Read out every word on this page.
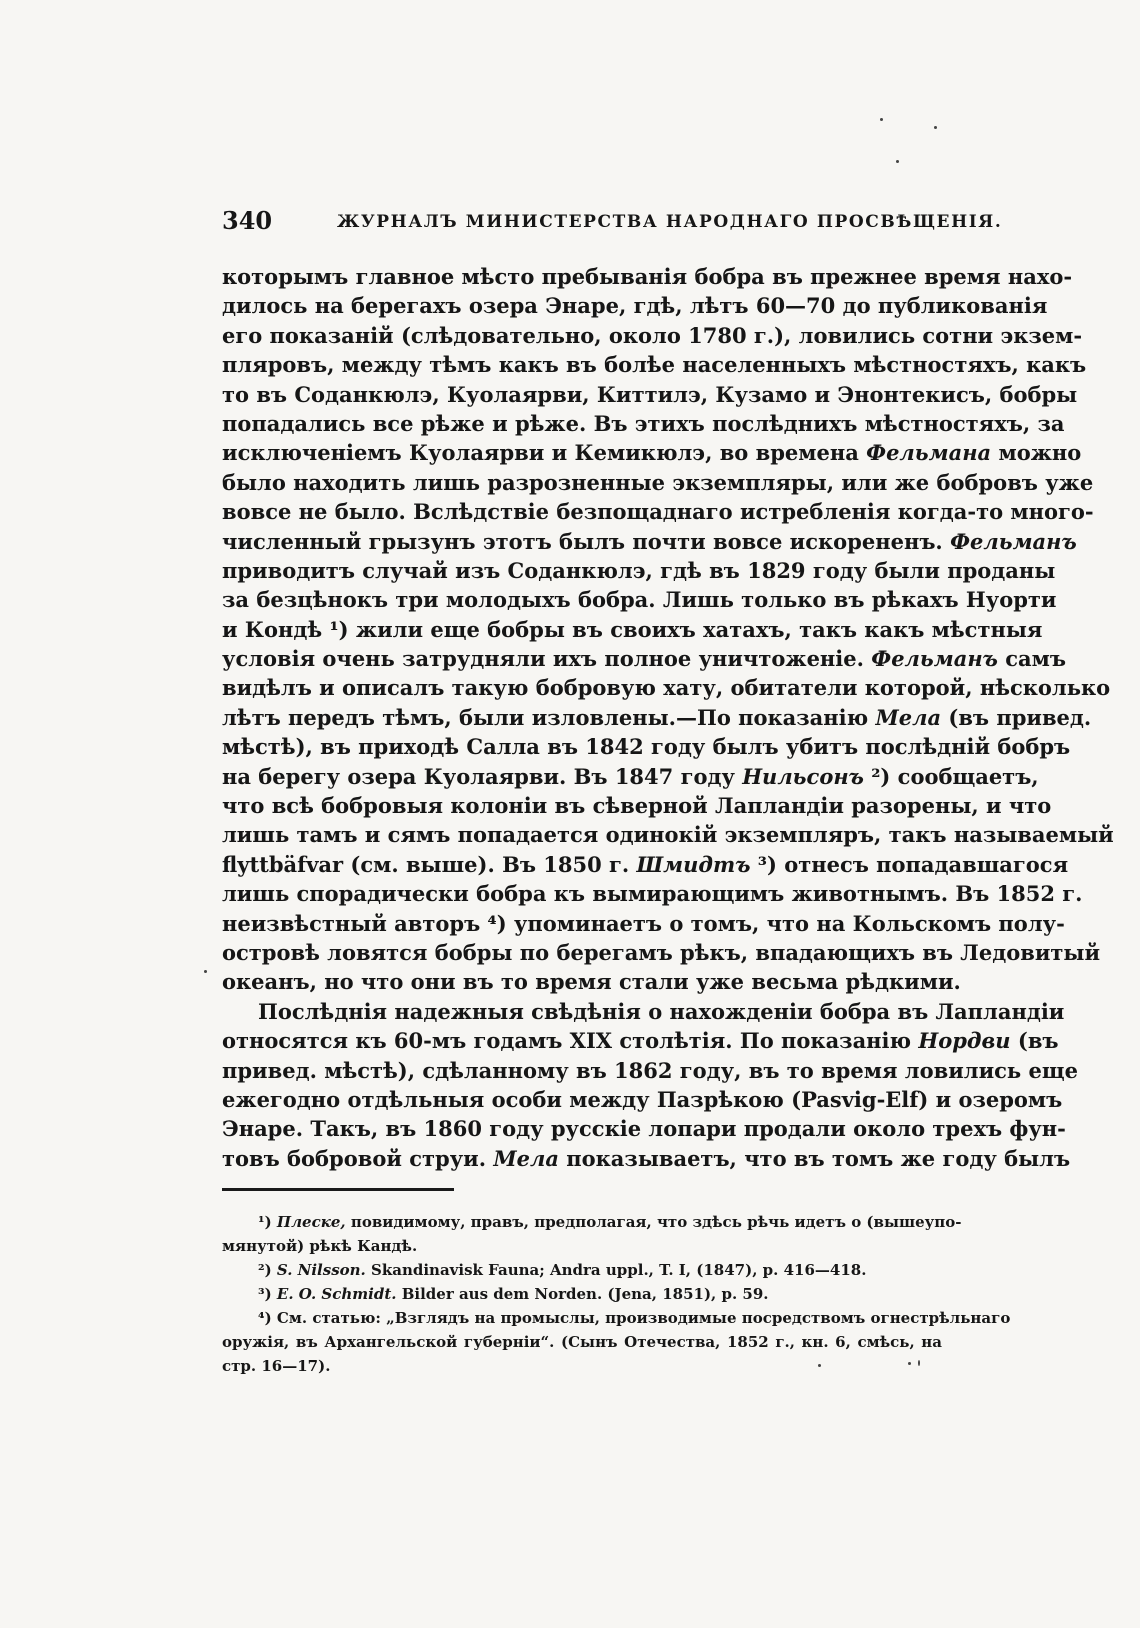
340	ЖУРНАЛЪ МИНИСТЕРСТВА НАРОДНАГО ПРОСВѢЩЕНІЯ.
которымъ главное мѣсто пребыванія бобра въ прежнее время нахо-
дилось на берегахъ озера Энаре, гдѣ, лѣтъ 60—70 до публикованія
его показаній (слѣдовательно, около 1780 г.), ловились сотни экзем-
пляровъ, между тѣмъ какъ въ болѣе населенныхъ мѣстностяхъ, какъ
то въ Соданкюлэ, Куолаярви, Киттилэ, Кузамо и Энонтекисъ, бобры
попадались все рѣже и рѣже. Въ этихъ послѣднихъ мѣстностяхъ, за
исключеніемъ Куолаярви и Кемикюлэ, во времена Фельмана можно
было находить лишь разрозненные экземпляры, или же бобровъ уже
вовсе не было. Вслѣдствіе безпощаднаго истребленія когда-то много-
численный грызунъ этотъ былъ почти вовсе искорененъ. Фельманъ
приводитъ случай изъ Соданкюлэ, гдѣ въ 1829 году были проданы
за безцѣнокъ три молодыхъ бобра. Лишь только въ рѣкахъ Нуорти
и Кондѣ ¹) жили еще бобры въ своихъ хатахъ, такъ какъ мѣстныя
условія очень затрудняли ихъ полное уничтоженіе. Фельманъ самъ
видѣлъ и описалъ такую бобровую хату, обитатели которой, нѣсколько
лѣтъ передъ тѣмъ, были изловлены.—По показанію Мела (въ привед.
мѣстѣ), въ приходѣ Салла въ 1842 году былъ убитъ послѣдній бобръ
на берегу озера Куолаярви. Въ 1847 году Нильсонъ ²) сообщаетъ,
что всѣ бобровыя колоніи въ сѣверной Лапландіи разорены, и что
лишь тамъ и сямъ попадается одинокій экземпляръ, такъ называемый
flyttbäfvar (см. выше). Въ 1850 г. Шмидтъ ³) отнесъ попадавшагося
лишь спорадически бобра къ вымирающимъ животнымъ. Въ 1852 г.
неизвѣстный авторъ ⁴) упоминаетъ о томъ, что на Кольскомъ полу-
островѣ ловятся бобры по берегамъ рѣкъ, впадающихъ въ Ледовитый
океанъ, но что они въ то время стали уже весьма рѣдкими.
Послѣднія надежныя свѣдѣнія о нахожденіи бобра въ Лапландіи
относятся къ 60-мъ годамъ XIX столѣтія. По показанію Нордви (въ
привед. мѣстѣ), сдѣланному въ 1862 году, въ то время ловились еще
ежегодно отдѣльныя особи между Пазрѣкою (Pasvig-Elf) и озеромъ
Энаре. Такъ, въ 1860 году русскіе лопари продали около трехъ фун-
товъ бобровой струи. Мела показываетъ, что въ томъ же году былъ
¹) Плеске, повидимому, правъ, предполагая, что здѣсь рѣчь идетъ о (вышеупо-
мянутой) рѣкѣ Кандѣ.
²) S. Nilsson. Skandinavisk Fauna; Andra uppl., T. I, (1847), p. 416—418.
³) E. O. Schmidt. Bilder aus dem Norden. (Jena, 1851), p. 59.
⁴) См. статью: „Взглядъ на промыслы, производимые посредствомъ огнестрѣльнаго
оружія, въ Архангельской губерніи“. (Сынъ Отечества, 1852 г., кн. 6, смѣсь, на
стр. 16—17).
